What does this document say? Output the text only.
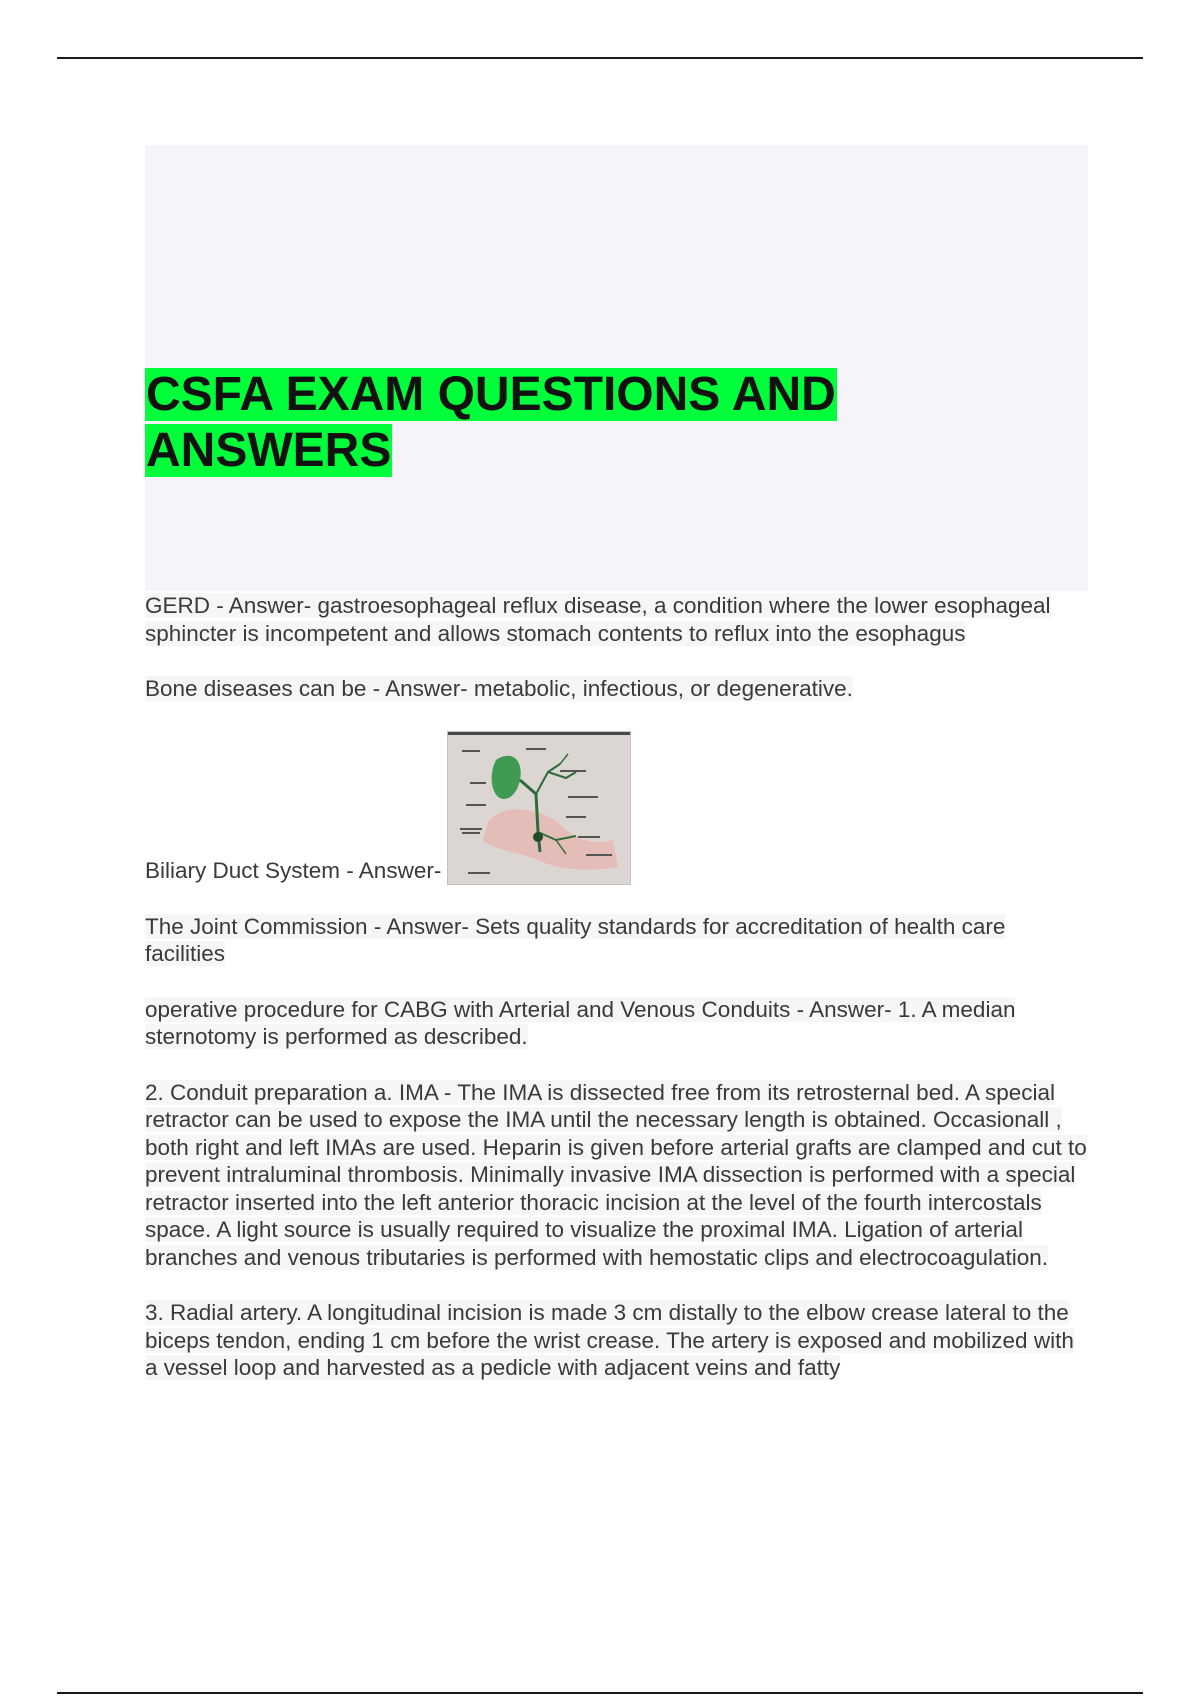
CSFA EXAM QUESTIONS AND
ANSWERS

GERD - Answer- gastroesophageal reflux disease, a condition where the lower esophageal sphincter is incompetent and allows stomach contents to reflux into the esophagus

Bone diseases can be - Answer- metabolic, infectious, or degenerative.

Biliary Duct System - Answer-

The Joint Commission - Answer- Sets quality standards for accreditation of health care facilities

operative procedure for CABG with Arterial and Venous Conduits - Answer- 1. A median sternotomy is performed as described.

2. Conduit preparation a. IMA - The IMA is dissected free from its retrosternal bed. A special retractor can be used to expose the IMA until the necessary length is obtained. Occasionall , both right and left IMAs are used. Heparin is given before arterial grafts are clamped and cut to prevent intraluminal thrombosis. Minimally invasive IMA dissection is performed with a special retractor inserted into the left anterior thoracic incision at the level of the fourth intercostals space. A light source is usually required to visualize the proximal IMA. Ligation of arterial branches and venous tributaries is performed with hemostatic clips and electrocoagulation.

3. Radial artery. A longitudinal incision is made 3 cm distally to the elbow crease lateral to the biceps tendon, ending 1 cm before the wrist crease. The artery is exposed and mobilized with a vessel loop and harvested as a pedicle with adjacent veins and fatty
